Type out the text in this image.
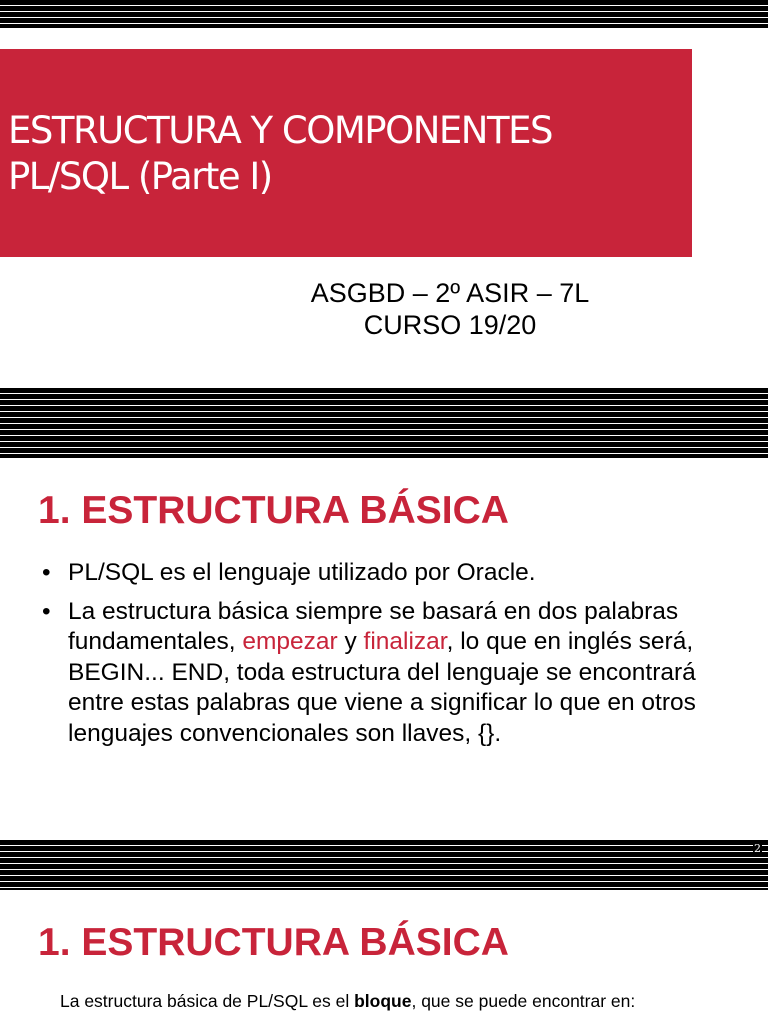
ESTRUCTURA Y COMPONENTES
PL/SQL (Parte I)
ASGBD – 2º ASIR – 7L
CURSO 19/20
1. ESTRUCTURA BÁSICA
• PL/SQL es el lenguaje utilizado por Oracle.
• La estructura básica siempre se basará en dos palabras fundamentales, empezar y finalizar, lo que en inglés será, BEGIN... END, toda estructura del lenguaje se encontrará entre estas palabras que viene a significar lo que en otros lenguajes convencionales son llaves, {}.
2
1. ESTRUCTURA BÁSICA

La estructura básica de PL/SQL es el bloque, que se puede encontrar en:
